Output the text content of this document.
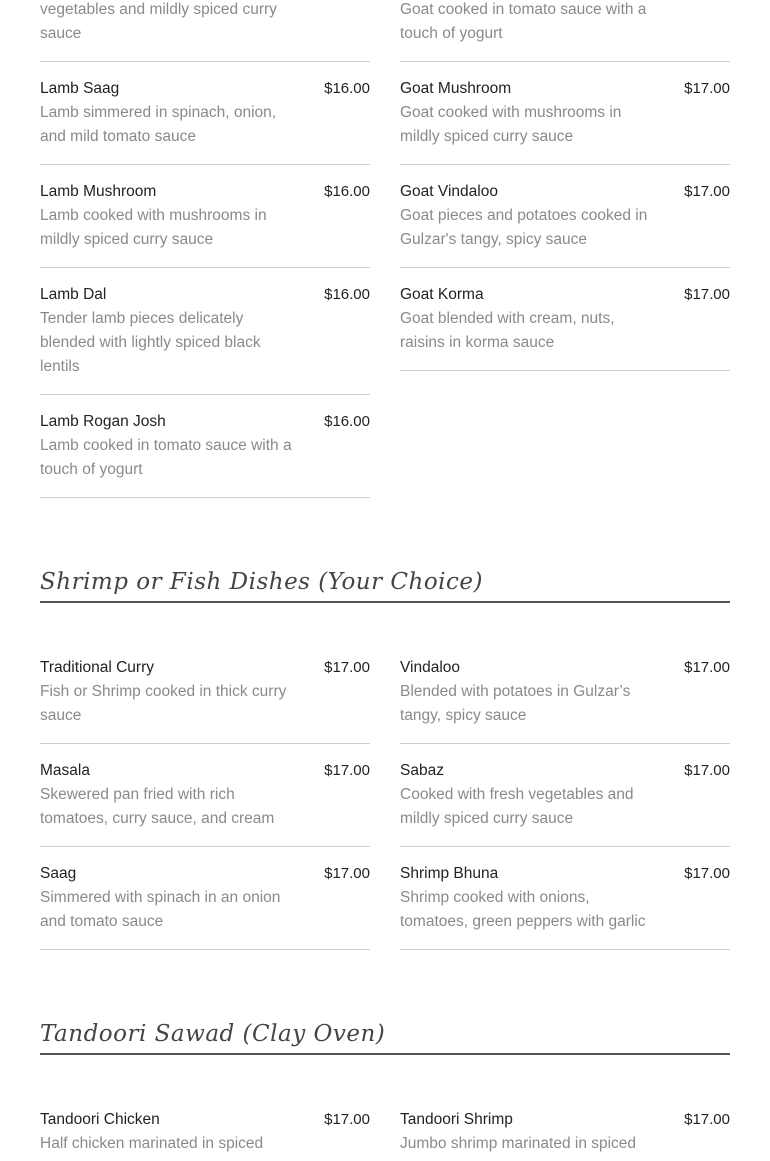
vegetables and mildly spiced curry sauce
Goat cooked in tomato sauce with a touch of yogurt
Lamb Saag	$16.00
Lamb simmered in spinach, onion, and mild tomato sauce
Lamb Mushroom	$16.00
Lamb cooked with mushrooms in mildly spiced curry sauce
Lamb Dal	$16.00
Tender lamb pieces delicately blended with lightly spiced black lentils
Lamb Rogan Josh	$16.00
Lamb cooked in tomato sauce with a touch of yogurt
Goat Mushroom	$17.00
Goat cooked with mushrooms in mildly spiced curry sauce
Goat Vindaloo	$17.00
Goat pieces and potatoes cooked in Gulzar's tangy, spicy sauce
Goat Korma	$17.00
Goat blended with cream, nuts, raisins in korma sauce
Shrimp or Fish Dishes (Your Choice)
Traditional Curry	$17.00
Fish or Shrimp cooked in thick curry sauce
Masala	$17.00
Skewered pan fried with rich tomatoes, curry sauce, and cream
Saag	$17.00
Simmered with spinach in an onion and tomato sauce
Vindaloo	$17.00
Blended with potatoes in Gulzar’s tangy, spicy sauce
Sabaz	$17.00
Cooked with fresh vegetables and mildly spiced curry sauce
Shrimp Bhuna	$17.00
Shrimp cooked with onions, tomatoes, green peppers with garlic
Tandoori Sawad (Clay Oven)
Tandoori Chicken	$17.00
Half chicken marinated in spiced
Tandoori Shrimp	$17.00
Jumbo shrimp marinated in spiced
